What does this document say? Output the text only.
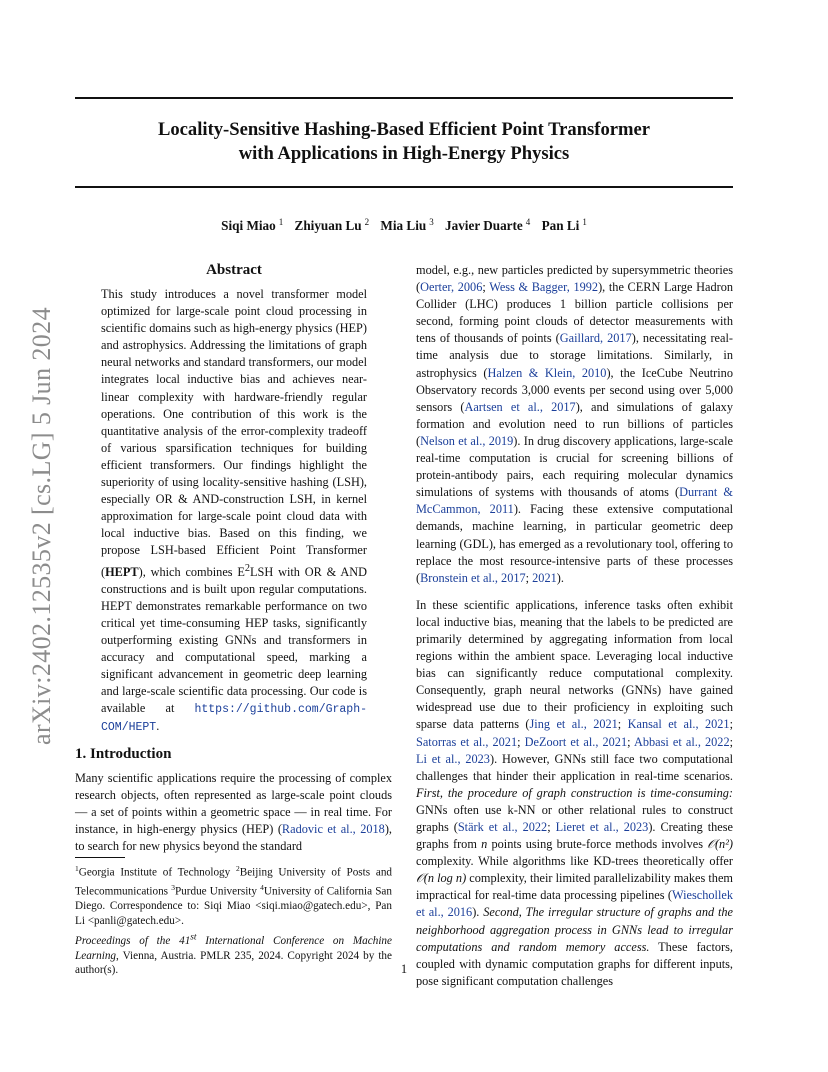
Locality-Sensitive Hashing-Based Efficient Point Transformer
with Applications in High-Energy Physics
Siqi Miao $^1$ Zhiyuan Lu $^2$ Mia Liu $^3$ Javier Duarte $^4$ Pan Li $^1$
arXiv:2402.12535v2 [cs.LG] 5 Jun 2024
Abstract

This study introduces a novel transformer model optimized for large-scale point cloud processing in scientific domains such as high-energy physics (HEP) and astrophysics. Addressing the limitations of graph neural networks and standard transformers, our model integrates local inductive bias and achieves near-linear complexity with hardware-friendly regular operations. One contribution of this work is the quantitative analysis of the error-complexity tradeoff of various sparsification techniques for building efficient transformers. Our findings highlight the superiority of using locality-sensitive hashing (LSH), especially OR & AND-construction LSH, in kernel approximation for large-scale point cloud data with local inductive bias. Based on this finding, we propose LSH-based Efficient Point Transformer (HEPT), which combines $E^2LSH$ with OR & AND constructions and is built upon regular computations. HEPT demonstrates remarkable performance on two critical yet time-consuming HEP tasks, significantly outperforming existing GNNs and transformers in accuracy and computational speed, marking a significant advancement in geometric deep learning and large-scale scientific data processing. Our code is available at https://github.com/Graph-COM/HEPT.

1. Introduction

Many scientific applications require the processing of complex research objects, often represented as large-scale point clouds — a set of points within a geometric space — in real time. For instance, in high-energy physics (HEP) (Radovic et al., 2018), to search for new physics beyond the standard

$^1$Georgia Institute of Technology $^2$Beijing University of Posts and Telecommunications $^3$Purdue University $^4$University of California San Diego. Correspondence to: Siqi Miao <siqi.miao@gatech.edu>, Pan Li <panli@gatech.edu>.
Proceedings of the 41st International Conference on Machine Learning, Vienna, Austria. PMLR 235, 2024. Copyright 2024 by the author(s).

model, e.g., new particles predicted by supersymmetric theories (Oerter, 2006; Wess & Bagger, 1992), the CERN Large Hadron Collider (LHC) produces 1 billion particle collisions per second, forming point clouds of detector measurements with tens of thousands of points (Gaillard, 2017), necessitating real-time analysis due to storage limitations. Similarly, in astrophysics (Halzen & Klein, 2010), the IceCube Neutrino Observatory records 3,000 events per second using over 5,000 sensors (Aartsen et al., 2017), and simulations of galaxy formation and evolution need to run billions of particles (Nelson et al., 2019). In drug discovery applications, large-scale real-time computation is crucial for screening billions of protein-antibody pairs, each requiring molecular dynamics simulations of systems with thousands of atoms (Durrant & McCammon, 2011). Facing these extensive computational demands, machine learning, in particular geometric deep learning (GDL), has emerged as a revolutionary tool, offering to replace the most resource-intensive parts of these processes (Bronstein et al., 2017; 2021).

In these scientific applications, inference tasks often exhibit local inductive bias, meaning that the labels to be predicted are primarily determined by aggregating information from local regions within the ambient space. Leveraging local inductive bias can significantly reduce computational complexity. Consequently, graph neural networks (GNNs) have gained widespread use due to their proficiency in exploiting such sparse data patterns (Jing et al., 2021; Kansal et al., 2021; Satorras et al., 2021; DeZoort et al., 2021; Abbasi et al., 2022; Li et al., 2023). However, GNNs still face two computational challenges that hinder their application in real-time scenarios. First, the procedure of graph construction is time-consuming: GNNs often use k-NN or other relational rules to construct graphs (Stärk et al., 2022; Lieret et al., 2023). Creating these graphs from n points using brute-force methods involves 𝒪(n²) complexity. While algorithms like KD-trees theoretically offer 𝒪(n log n) complexity, their limited parallelizability makes them impractical for real-time data processing pipelines (Wieschollek et al., 2016). Second, The irregular structure of graphs and the neighborhood aggregation process in GNNs lead to irregular computations and random memory access. These factors, coupled with dynamic computation graphs for different inputs, pose significant computation challenges

1
